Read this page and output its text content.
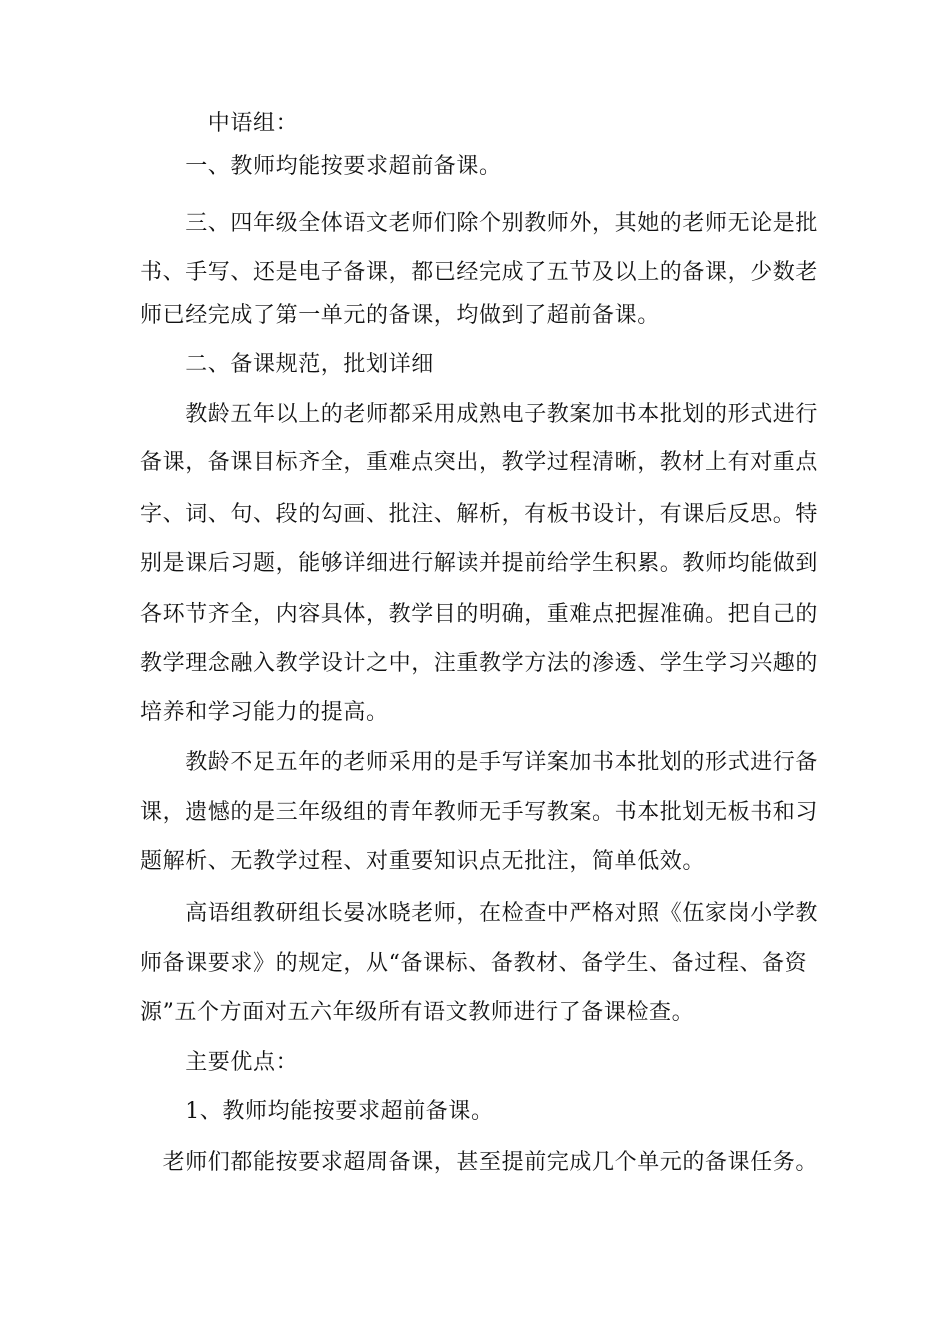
　　　中语组：
　　一、教师均能按要求超前备课。
　　三、四年级全体语文老师们除个别教师外，其她的老师无论是批
书、手写、还是电子备课，都已经完成了五节及以上的备课，少数老
师已经完成了第一单元的备课，均做到了超前备课。
　　二、备课规范，批划详细
　　教龄五年以上的老师都采用成熟电子教案加书本批划的形式进行
备课，备课目标齐全，重难点突出，教学过程清晰，教材上有对重点
字、词、句、段的勾画、批注、解析，有板书设计，有课后反思。特
别是课后习题，能够详细进行解读并提前给学生积累。教师均能做到
各环节齐全，内容具体，教学目的明确，重难点把握准确。把自己的
教学理念融入教学设计之中，注重教学方法的渗透、学生学习兴趣的
培养和学习能力的提高。
　　教龄不足五年的老师采用的是手写详案加书本批划的形式进行备
课，遗憾的是三年级组的青年教师无手写教案。书本批划无板书和习
题解析、无教学过程、对重要知识点无批注，简单低效。
　　高语组教研组长晏冰晓老师，在检查中严格对照《伍家岗小学教
师备课要求》的规定，从“备课标、备教材、备学生、备过程、备资
源”五个方面对五六年级所有语文教师进行了备课检查。
　　主要优点：
　　1、教师均能按要求超前备课。
　老师们都能按要求超周备课，甚至提前完成几个单元的备课任务。
